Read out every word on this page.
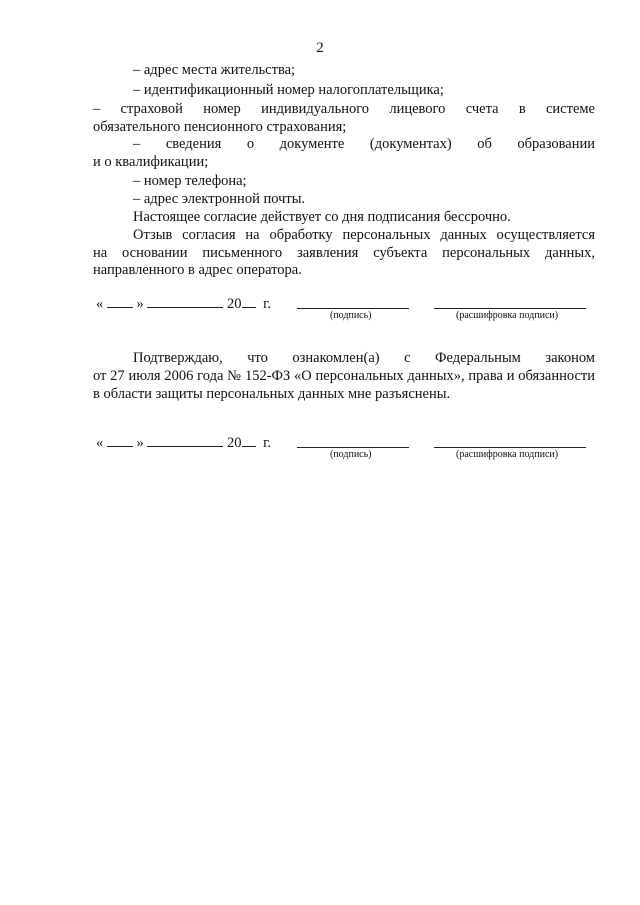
2
– адрес места жительства;
– идентификационный номер налогоплательщика;
– страховой номер индивидуального лицевого счета в системе
обязательного пенсионного страхования;
– сведения о документе (документах) об образовании
и о квалификации;
– номер телефона;
– адрес электронной почты.
Настоящее согласие действует со дня подписания бессрочно.
Отзыв согласия на обработку персональных данных осуществляется
на основании письменного заявления субъекта персональных данных,
направленного в адрес оператора.
« »	20 г.
(подпись)	(расшифровка подписи)
Подтверждаю, что ознакомлен(а) с Федеральным законом
от 27 июля 2006 года № 152-ФЗ «О персональных данных», права и обязанности
в области защиты персональных данных мне разъяснены.
« »	20 г.
(подпись)	(расшифровка подписи)
